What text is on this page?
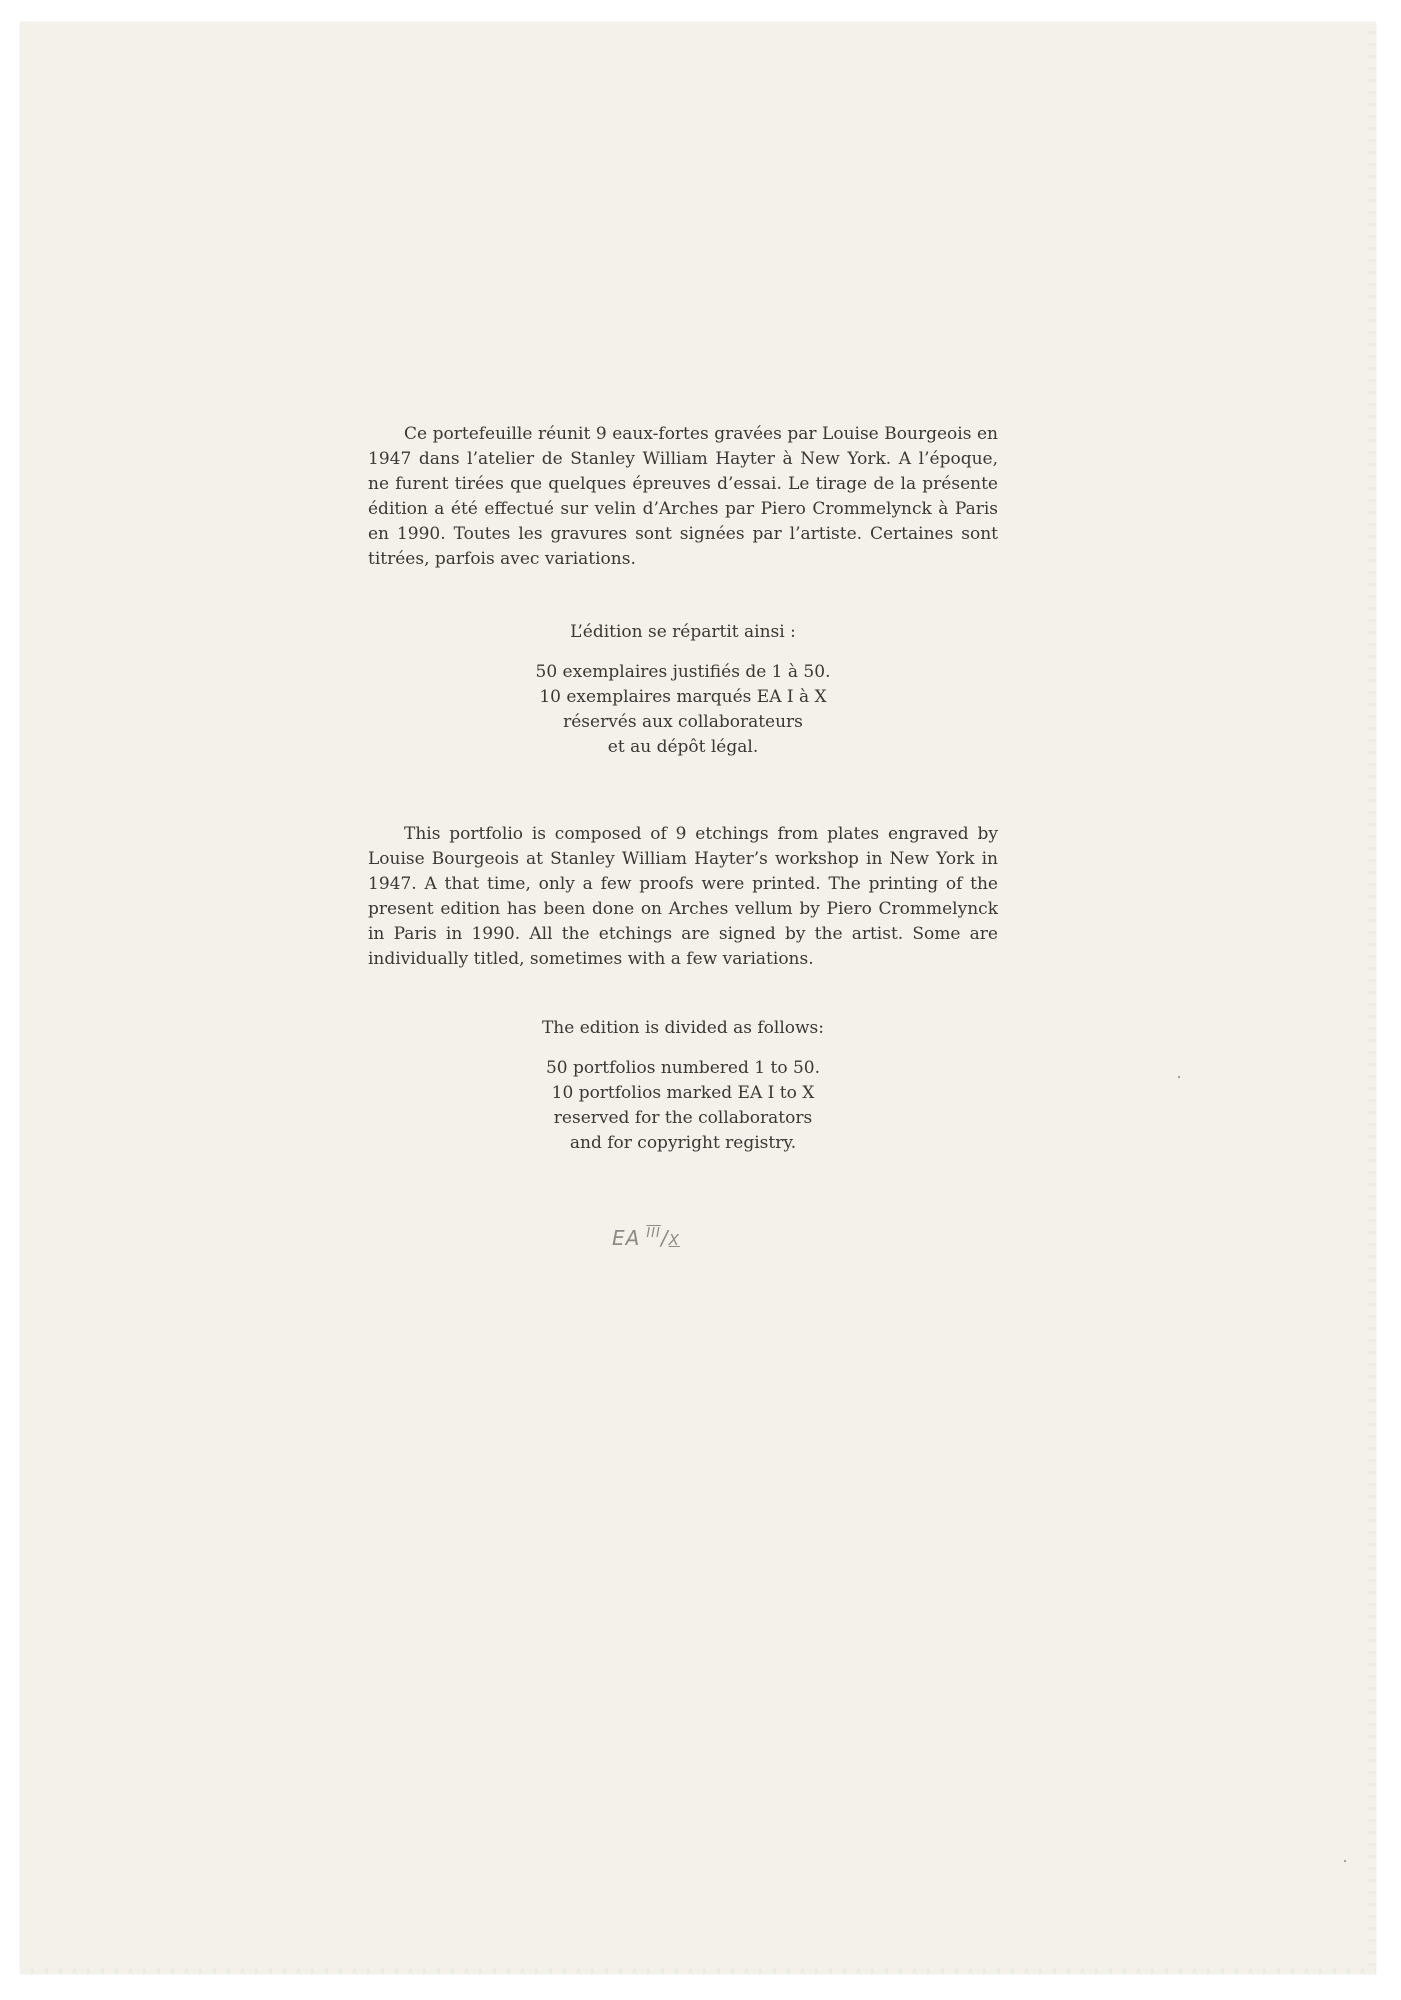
Ce portefeuille réunit 9 eaux-fortes gravées par Louise Bourgeois en 1947 dans l’atelier de Stanley William Hayter à New York. A l’époque, ne furent tirées que quelques épreuves d’essai. Le tirage de la présente édition a été effectué sur velin d’Arches par Piero Crommelynck à Paris en 1990. Toutes les gravures sont signées par l’artiste. Certaines sont titrées, parfois avec variations.

L’édition se répartit ainsi :
50 exemplaires justifiés de 1 à 50.
10 exemplaires marqués EA I à X
réservés aux collaborateurs
et au dépôt légal.

This portfolio is composed of 9 etchings from plates engraved by Louise Bourgeois at Stanley William Hayter’s workshop in New York in 1947. A that time, only a few proofs were printed. The printing of the present edition has been done on Arches vellum by Piero Crommelynck in Paris in 1990. All the etchings are signed by the artist. Some are individually titled, sometimes with a few variations.

The edition is divided as follows:
50 portfolios numbered 1 to 50.
10 portfolios marked EA I to X
reserved for the collaborators
and for copyright registry.
EA $^{\overline{III}}$/X
